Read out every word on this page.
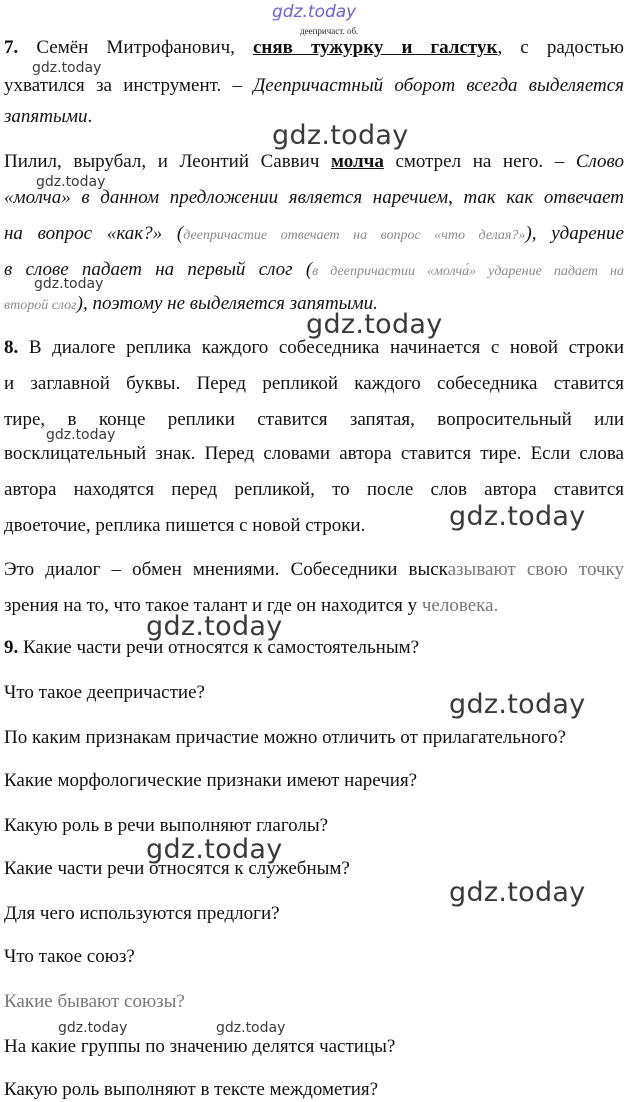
gdz.today
деепричаст. об.
gdz.today
gdz.today
gdz.today
gdz.today
gdz.today
gdz.today
gdz.today
gdz.today
gdz.today
gdz.today
gdz.today
gdz.today	gdz.today
7. Семён Митрофанович, сняв тужурку и галстук, с радостью
ухватился за инструмент. – Деепричастный оборот всегда выделяется
запятыми.
Пилил, вырубал, и Леонтий Саввич молча смотрел на него. – Слово
«молча» в данном предложении является наречием, так как отвечает
на вопрос «как?» (деепричастие отвечает на вопрос «что делая?»), ударение
в слове падает на первый слог (в деепричастии «молча́» ударение падает на
второй слог), поэтому не выделяется запятыми.
8. В диалоге реплика каждого собеседника начинается с новой строки
и заглавной буквы. Перед репликой каждого собеседника ставится
тире, в конце реплики ставится запятая, вопросительный или
восклицательный знак. Перед словами автора ставится тире. Если слова
автора находятся перед репликой, то после слов автора ставится
двоеточие, реплика пишется с новой строки.
Это диалог – обмен мнениями. Собеседники высказывают свою точку
зрения на то, что такое талант и где он находится у человека.
9. Какие части речи относятся к самостоятельным?
Что такое деепричастие?
По каким признакам причастие можно отличить от прилагательного?
Какие морфологические признаки имеют наречия?
Какую роль в речи выполняют глаголы?
Какие части речи относятся к служебным?
Для чего используются предлоги?
Что такое союз?
Какие бывают союзы?
На какие группы по значению делятся частицы?
Какую роль выполняют в тексте междометия?
